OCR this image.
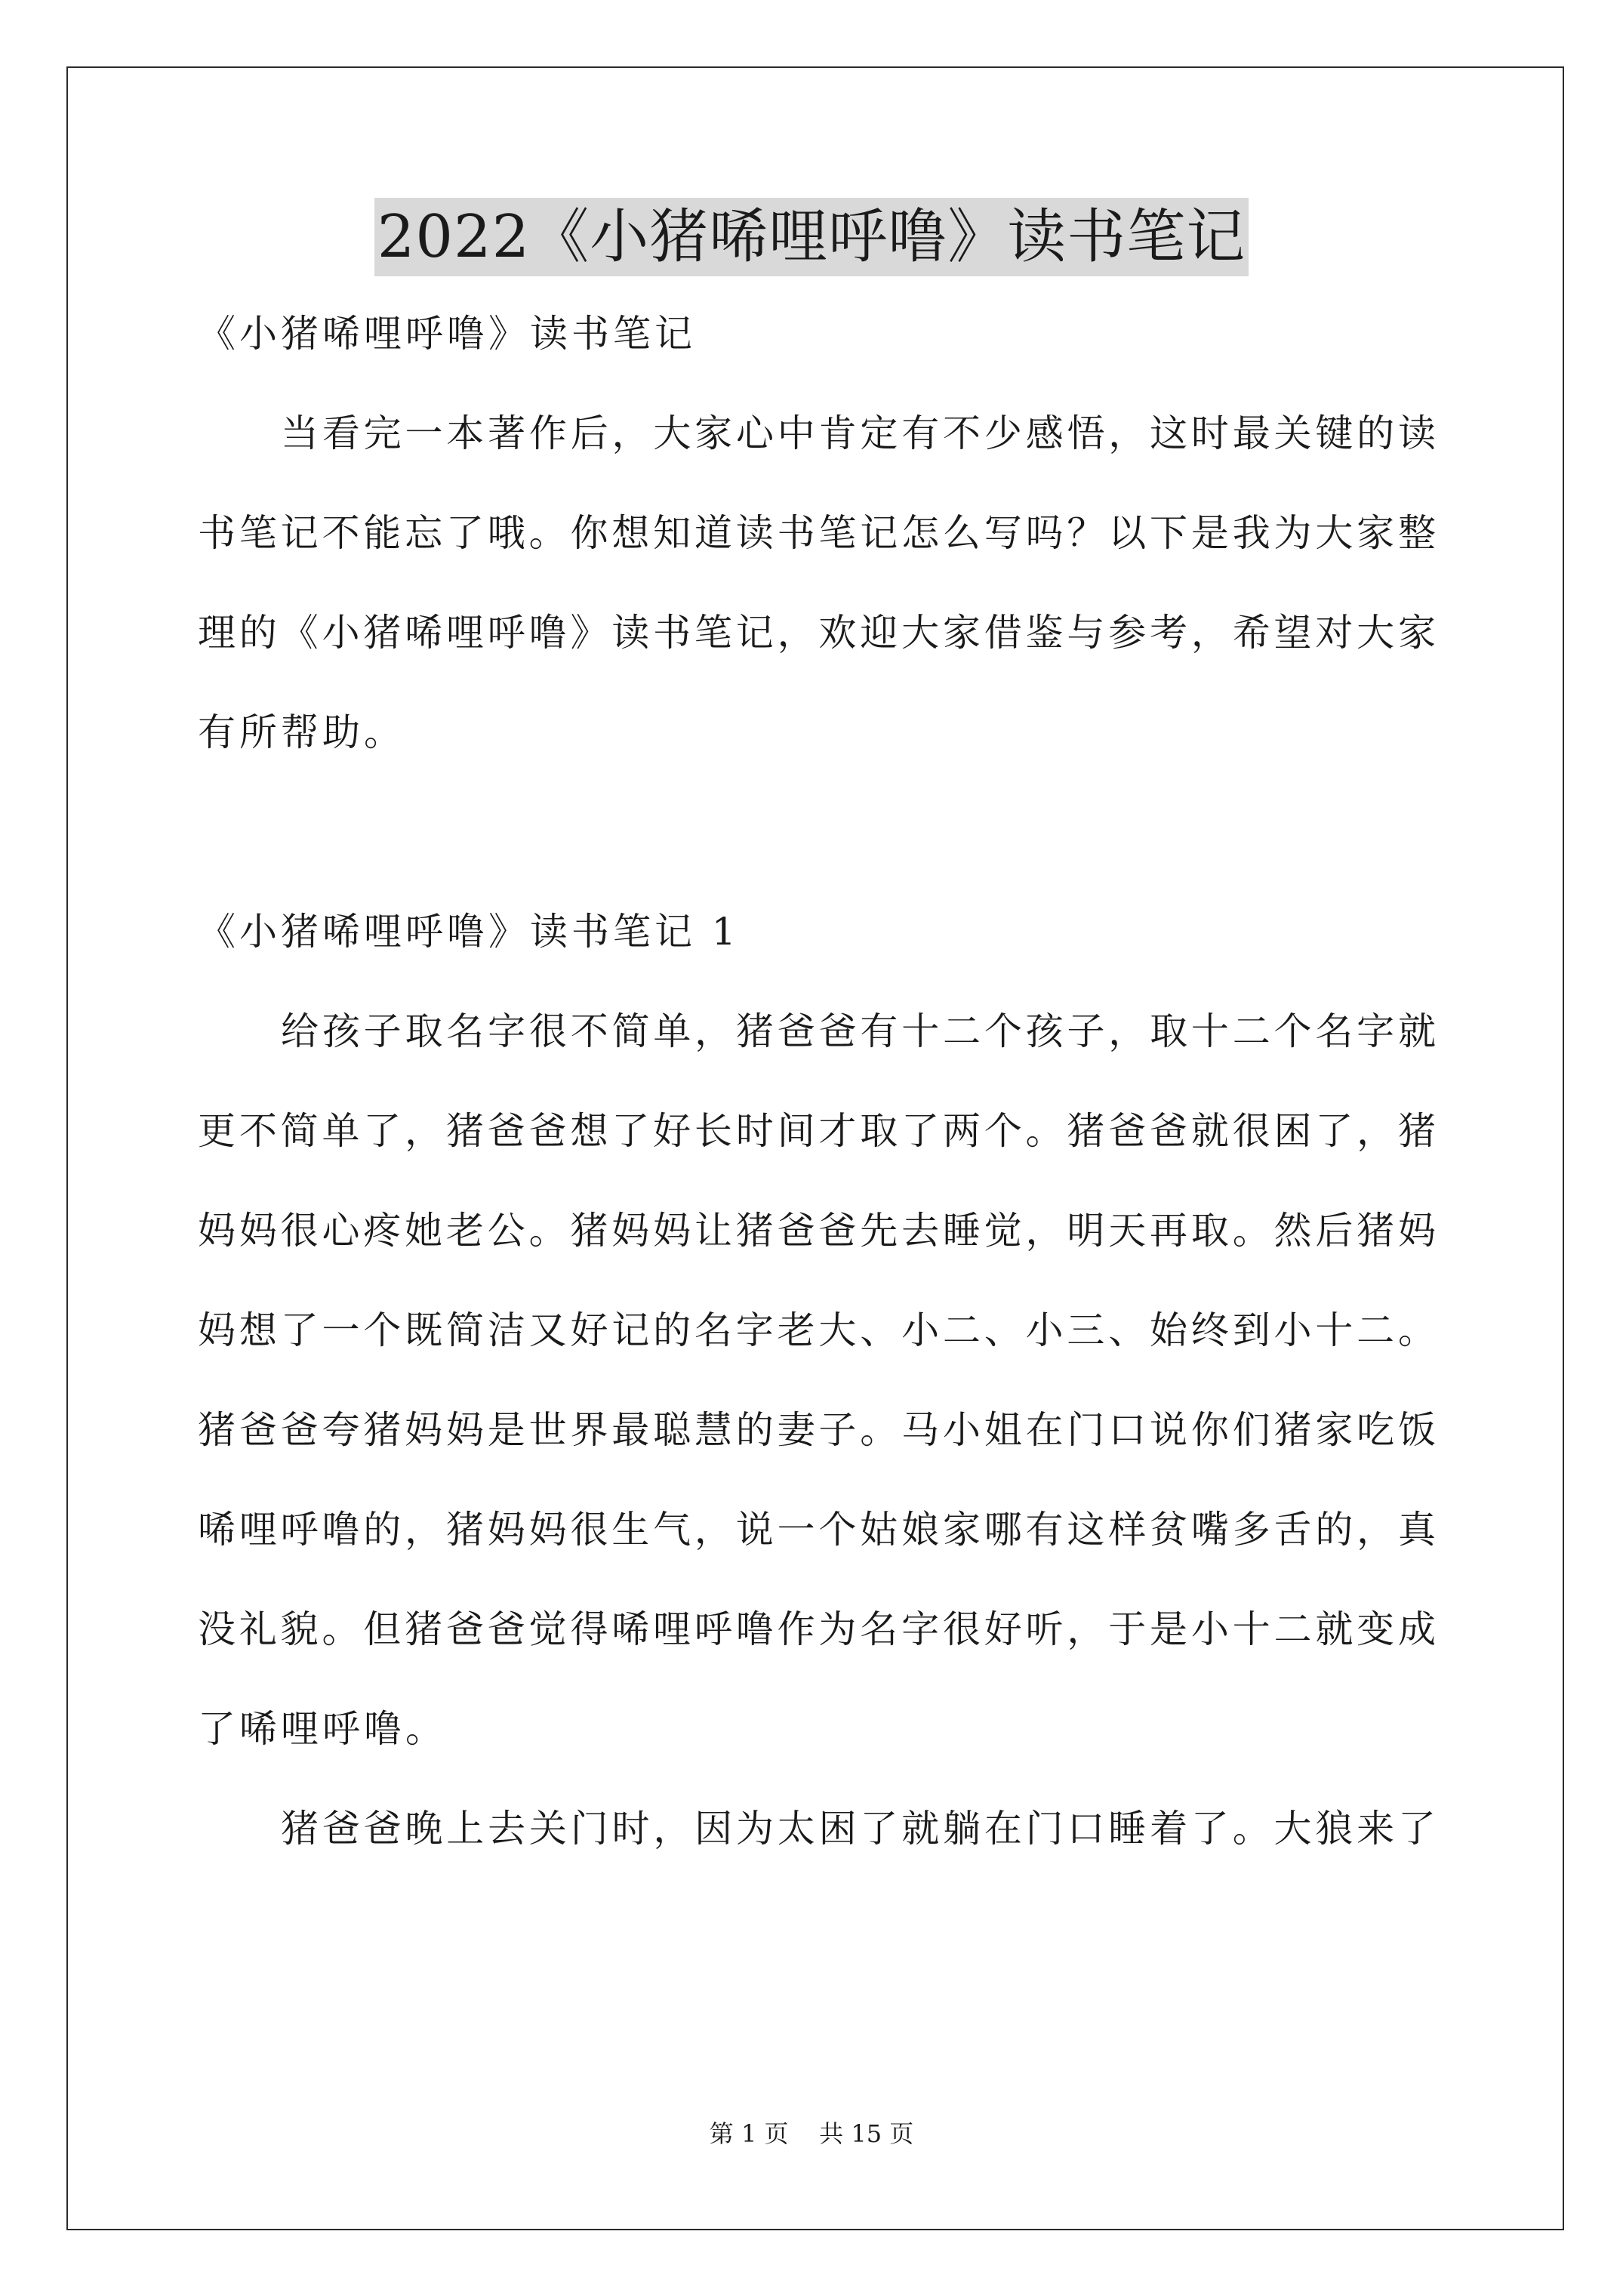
2022《小猪唏哩呼噜》读书笔记
《小猪唏哩呼噜》读书笔记
当看完一本著作后，大家心中肯定有不少感悟，这时最关键的读
书笔记不能忘了哦。你想知道读书笔记怎么写吗？以下是我为大家整
理的《小猪唏哩呼噜》读书笔记，欢迎大家借鉴与参考，希望对大家
有所帮助。
《小猪唏哩呼噜》读书笔记 1
给孩子取名字很不简单，猪爸爸有十二个孩子，取十二个名字就
更不简单了，猪爸爸想了好长时间才取了两个。猪爸爸就很困了，猪
妈妈很心疼她老公。猪妈妈让猪爸爸先去睡觉，明天再取。然后猪妈
妈想了一个既简洁又好记的名字老大、小二、小三、始终到小十二。
猪爸爸夸猪妈妈是世界最聪慧的妻子。马小姐在门口说你们猪家吃饭
唏哩呼噜的，猪妈妈很生气，说一个姑娘家哪有这样贫嘴多舌的，真
没礼貌。但猪爸爸觉得唏哩呼噜作为名字很好听，于是小十二就变成
了唏哩呼噜。
猪爸爸晚上去关门时，因为太困了就躺在门口睡着了。大狼来了
第 1 页    共 15 页
